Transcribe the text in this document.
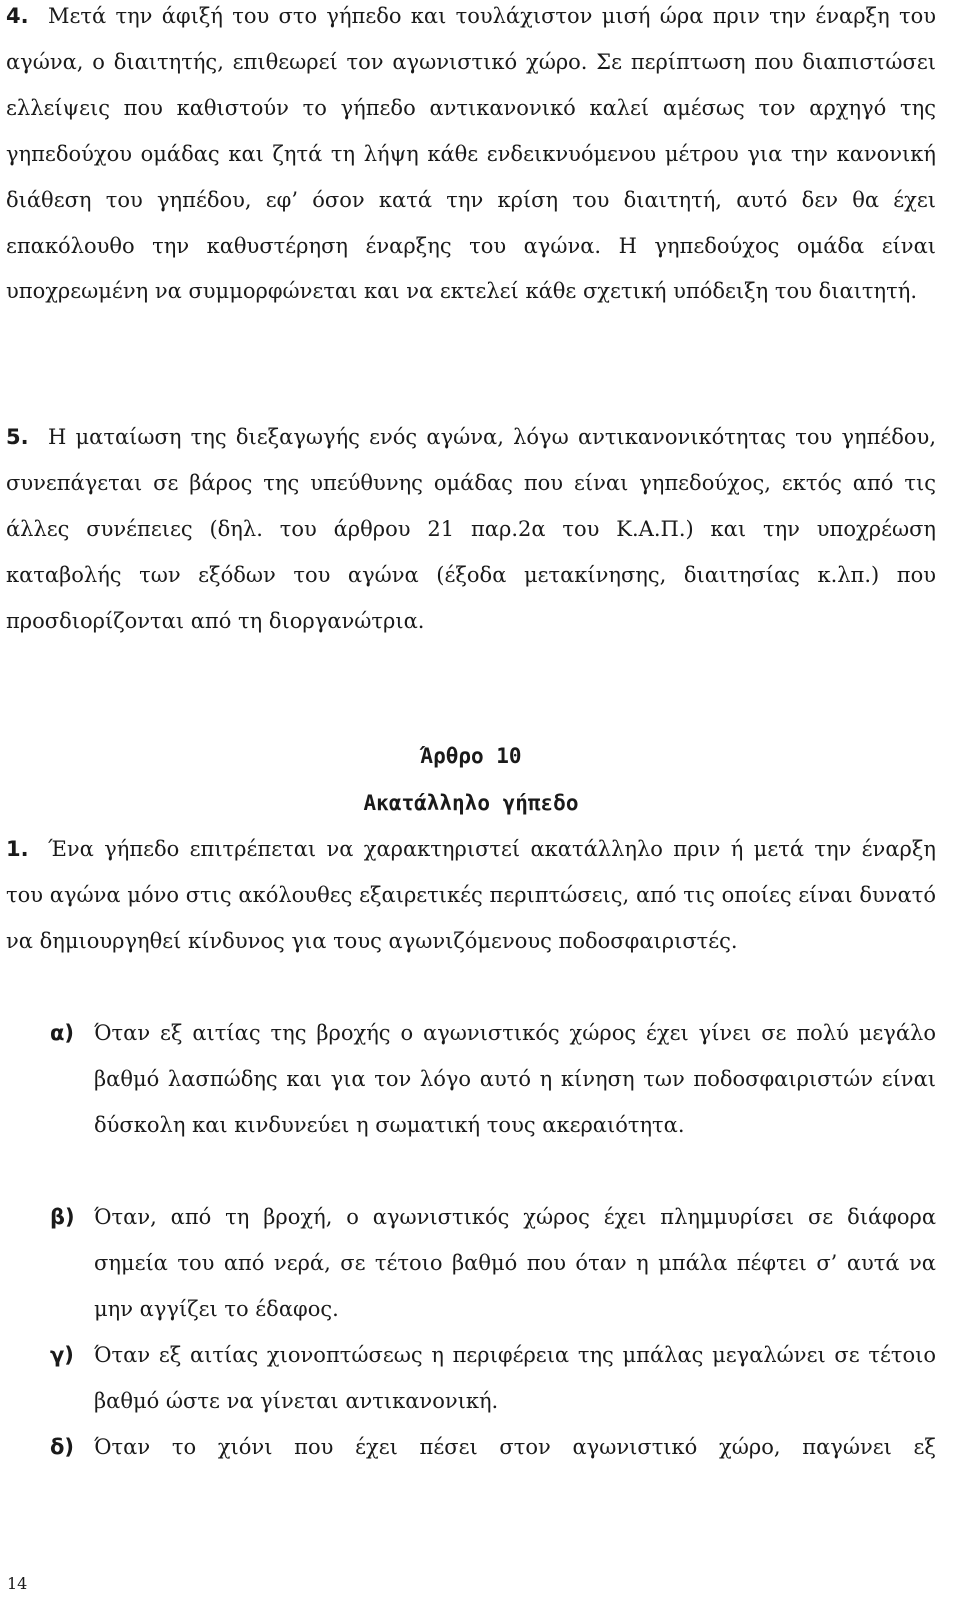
4. Μετά την άφιξή του στο γήπεδο και τουλάχιστον μισή ώρα πριν την έναρξη του αγώνα, ο διαιτητής, επιθεωρεί τον αγωνιστικό χώρο. Σε περίπτωση που διαπιστώσει ελλείψεις που καθιστούν το γήπεδο αντικανονικό καλεί αμέσως τον αρχηγό της γηπεδούχου ομάδας και ζητά τη λήψη κάθε ενδεικνυόμενου μέτρου για την κανονική διάθεση του γηπέδου, εφ’ όσον κατά την κρίση του διαιτητή, αυτό δεν θα έχει επακόλουθο την καθυστέρηση έναρξης του αγώνα. Η γηπεδούχος ομάδα είναι υποχρεωμένη να συμμορφώνεται και να εκτελεί κάθε σχετική υπόδειξη του διαιτητή.
5. Η ματαίωση της διεξαγωγής ενός αγώνα, λόγω αντικανονικότητας του γηπέδου, συνεπάγεται σε βάρος της υπεύθυνης ομάδας που είναι γηπεδούχος, εκτός από τις άλλες συνέπειες (δηλ. του άρθρου 21 παρ.2α του Κ.Α.Π.) και την υποχρέωση καταβολής των εξόδων του αγώνα (έξοδα μετακίνησης, διαιτησίας κ.λπ.) που προσδιορίζονται από τη διοργανώτρια.
Άρθρο 10
Ακατάλληλο γήπεδο
1. Ένα γήπεδο επιτρέπεται να χαρακτηριστεί ακατάλληλο πριν ή μετά την έναρξη του αγώνα μόνο στις ακόλουθες εξαιρετικές περιπτώσεις, από τις οποίες είναι δυνατό να δημιουργηθεί κίνδυνος για τους αγωνιζόμενους ποδοσφαιριστές.
α) Όταν εξ αιτίας της βροχής ο αγωνιστικός χώρος έχει γίνει σε πολύ μεγάλο βαθμό λασπώδης και για τον λόγο αυτό η κίνηση των ποδοσφαιριστών είναι δύσκολη και κινδυνεύει η σωματική τους ακεραιότητα.
β) Όταν, από τη βροχή, ο αγωνιστικός χώρος έχει πλημμυρίσει σε διάφορα σημεία του από νερά, σε τέτοιο βαθμό που όταν η μπάλα πέφτει σ’ αυτά να μην αγγίζει το έδαφος.
γ) Όταν εξ αιτίας χιονοπτώσεως η περιφέρεια της μπάλας μεγαλώνει σε τέτοιο βαθμό ώστε να γίνεται αντικανονική.
δ) Όταν το χιόνι που έχει πέσει στον αγωνιστικό χώρο, παγώνει εξ
14
